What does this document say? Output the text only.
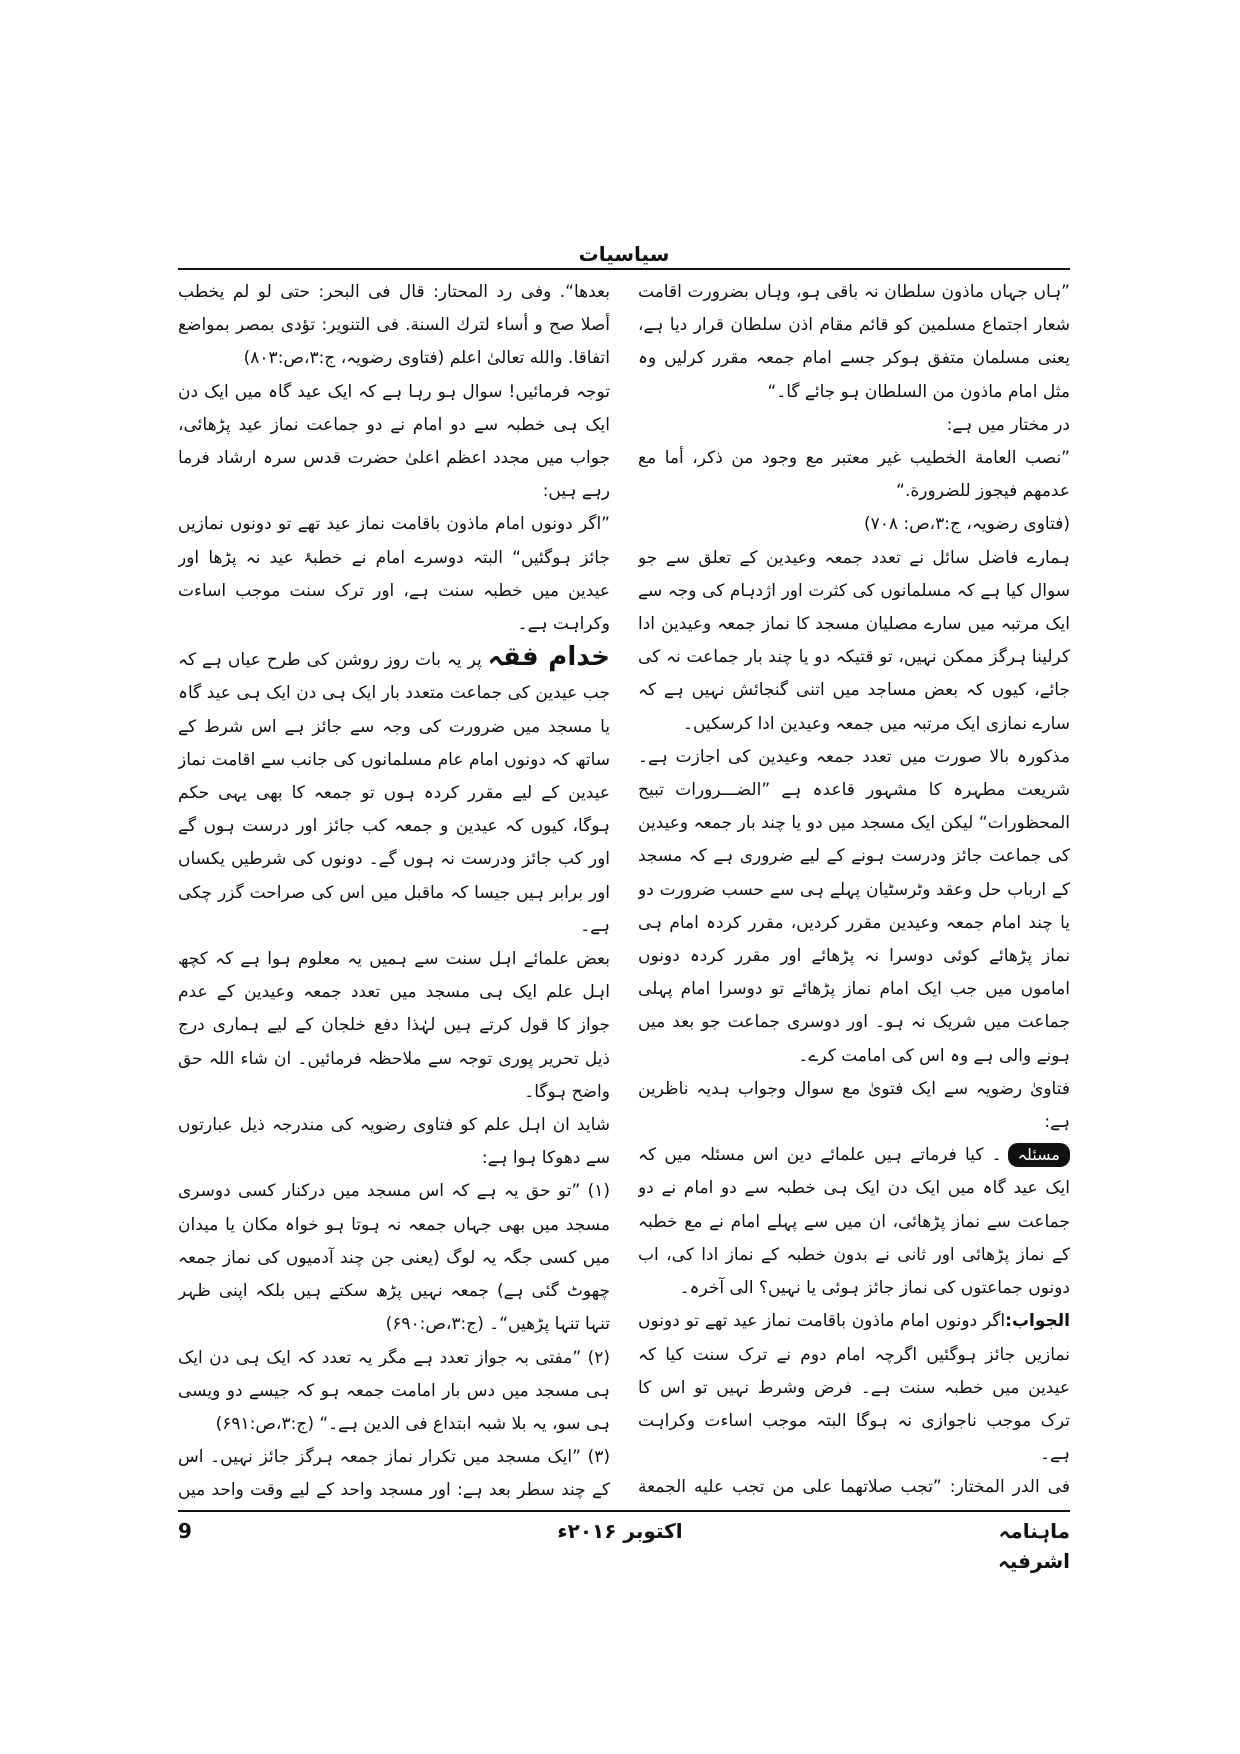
سیاسیات

”ہاں جہاں ماذون سلطان نہ باقی ہو، وہاں بضرورت اقامت شعار اجتماع مسلمین کو قائم مقام اذن سلطان قرار دیا ہے، یعنی مسلمان متفق ہوکر جسے امام جمعہ مقرر کرلیں وہ مثل امام ماذون من السلطان ہو جائے گا۔“

در مختار میں ہے:

”نصب العامة الخطیب غیر معتبر مع وجود من ذکر، أما مع عدمهم فیجوز للضرورة.“

(فتاوی رضویہ، ج:۳،ص: ۷۰۸)

ہمارے فاضل سائل نے تعدد جمعہ وعیدین کے تعلق سے جو سوال کیا ہے کہ مسلمانوں کی کثرت اور اژدہام کی وجہ سے ایک مرتبہ میں سارے مصلیان مسجد کا نماز جمعہ وعیدین ادا کرلینا ہرگز ممکن نہیں، تو قتیکہ دو یا چند بار جماعت نہ کی جائے، کیوں کہ بعض مساجد میں اتنی گنجائش نہیں ہے کہ سارے نمازی ایک مرتبہ میں جمعہ وعیدین ادا کرسکیں۔

مذکورہ بالا صورت میں تعدد جمعہ وعیدین کی اجازت ہے۔ شریعت مطہرہ کا مشہور قاعدہ ہے ”الضـــرورات تبیح المحظورات“ لیکن ایک مسجد میں دو یا چند بار جمعہ وعیدین کی جماعت جائز ودرست ہونے کے لیے ضروری ہے کہ مسجد کے ارباب حل وعقد وٹرسٹیان پہلے ہی سے حسب ضرورت دو یا چند امام جمعہ وعیدین مقرر کردیں، مقرر کردہ امام ہی نماز پڑھائے کوئی دوسرا نہ پڑھائے اور مقرر کردہ دونوں اماموں میں جب ایک امام نماز پڑھائے تو دوسرا امام پہلی جماعت میں شریک نہ ہو۔ اور دوسری جماعت جو بعد میں ہونے والی ہے وہ اس کی امامت کرے۔

فتاویٰ رضویہ سے ایک فتویٰ مع سوال وجواب ہدیہ ناظرین ہے:

مسئلہ۔ کیا فرماتے ہیں علمائے دین اس مسئلہ میں کہ ایک عید گاہ میں ایک دن ایک ہی خطبہ سے دو امام نے دو جماعت سے نماز پڑھائی، ان میں سے پہلے امام نے مع خطبہ کے نماز پڑھائی اور ثانی نے بدون خطبہ کے نماز ادا کی، اب دونوں جماعتوں کی نماز جائز ہوئی یا نہیں؟ الی آخرہ۔

الجواب:اگر دونوں امام ماذون باقامت نماز عید تھے تو دونوں نمازیں جائز ہوگئیں اگرچہ امام دوم نے ترک سنت کیا کہ عیدین میں خطبہ سنت ہے۔ فرض وشرط نہیں تو اس کا ترک موجب ناجوازی نہ ہوگا البتہ موجب اساءت وکراہت ہے۔

فی الدر المختار: ”تجب صلاتهما علی من تجب علیه الجمعة

بعدها“. وفی رد المحتار: قال فی البحر: حتی لو لم یخطب أصلا صح و أساء لترك السنة. فی التنویر: تؤدی بمصر بمواضع اتفاقا. والله تعالیٰ اعلم (فتاوی رضویہ، ج:۳،ص:۸۰۳)

توجہ فرمائیں! سوال ہو رہا ہے کہ ایک عید گاہ میں ایک دن ایک ہی خطبہ سے دو امام نے دو جماعت نماز عید پڑھائی، جواب میں مجدد اعظم اعلیٰ حضرت قدس سرہ ارشاد فرما رہے ہیں:

”اگر دونوں امام ماذون باقامت نماز عید تھے تو دونوں نمازیں جائز ہوگئیں“ البتہ دوسرے امام نے خطبۂ عید نہ پڑھا اور عیدین میں خطبہ سنت ہے، اور ترک سنت موجب اساءت وکراہت ہے۔

خدام فقہ پر یہ بات روز روشن کی طرح عیاں ہے کہ جب عیدین کی جماعت متعدد بار ایک ہی دن ایک ہی عید گاہ یا مسجد میں ضرورت کی وجہ سے جائز ہے اس شرط کے ساتھ کہ دونوں امام عام مسلمانوں کی جانب سے اقامت نماز عیدین کے لیے مقرر کردہ ہوں تو جمعہ کا بھی یہی حکم ہوگا، کیوں کہ عیدین و جمعہ کب جائز اور درست ہوں گے اور کب جائز ودرست نہ ہوں گے۔ دونوں کی شرطیں یکساں اور برابر ہیں جیسا کہ ماقبل میں اس کی صراحت گزر چکی ہے۔

بعض علمائے اہل سنت سے ہمیں یہ معلوم ہوا ہے کہ کچھ اہل علم ایک ہی مسجد میں تعدد جمعہ وعیدین کے عدم جواز کا قول کرتے ہیں لہٰذا دفع خلجان کے لیے ہماری درج ذیل تحریر پوری توجہ سے ملاحظہ فرمائیں۔ ان شاء اللہ حق واضح ہوگا۔

شاید ان اہل علم کو فتاوی رضویہ کی مندرجہ ذیل عبارتوں سے دھوکا ہوا ہے:

(۱) ”تو حق یہ ہے کہ اس مسجد میں درکنار کسی دوسری مسجد میں بھی جہاں جمعہ نہ ہوتا ہو خواہ مکان یا میدان میں کسی جگہ یہ لوگ (یعنی جن چند آدمیوں کی نماز جمعہ چھوٹ گئی ہے) جمعہ نہیں پڑھ سکتے ہیں بلکہ اپنی ظہر تنہا تنہا پڑھیں“۔ (ج:۳،ص:۶۹۰)

(۲) ”مفتی بہ جواز تعدد ہے مگر یہ تعدد کہ ایک ہی دن ایک ہی مسجد میں دس بار امامت جمعہ ہو کہ جیسے دو ویسی ہی سو، یہ بلا شبہ ابتداع فی الدین ہے۔“ (ج:۳،ص:۶۹۱)

(۳) ”ایک مسجد میں تکرار نماز جمعہ ہرگز جائز نہیں۔ اس کے چند سطر بعد ہے: اور مسجد واحد کے لیے وقت واحد میں

ماہنامہ اشرفیہ
اکتوبر ۲۰۱۶ء
9
